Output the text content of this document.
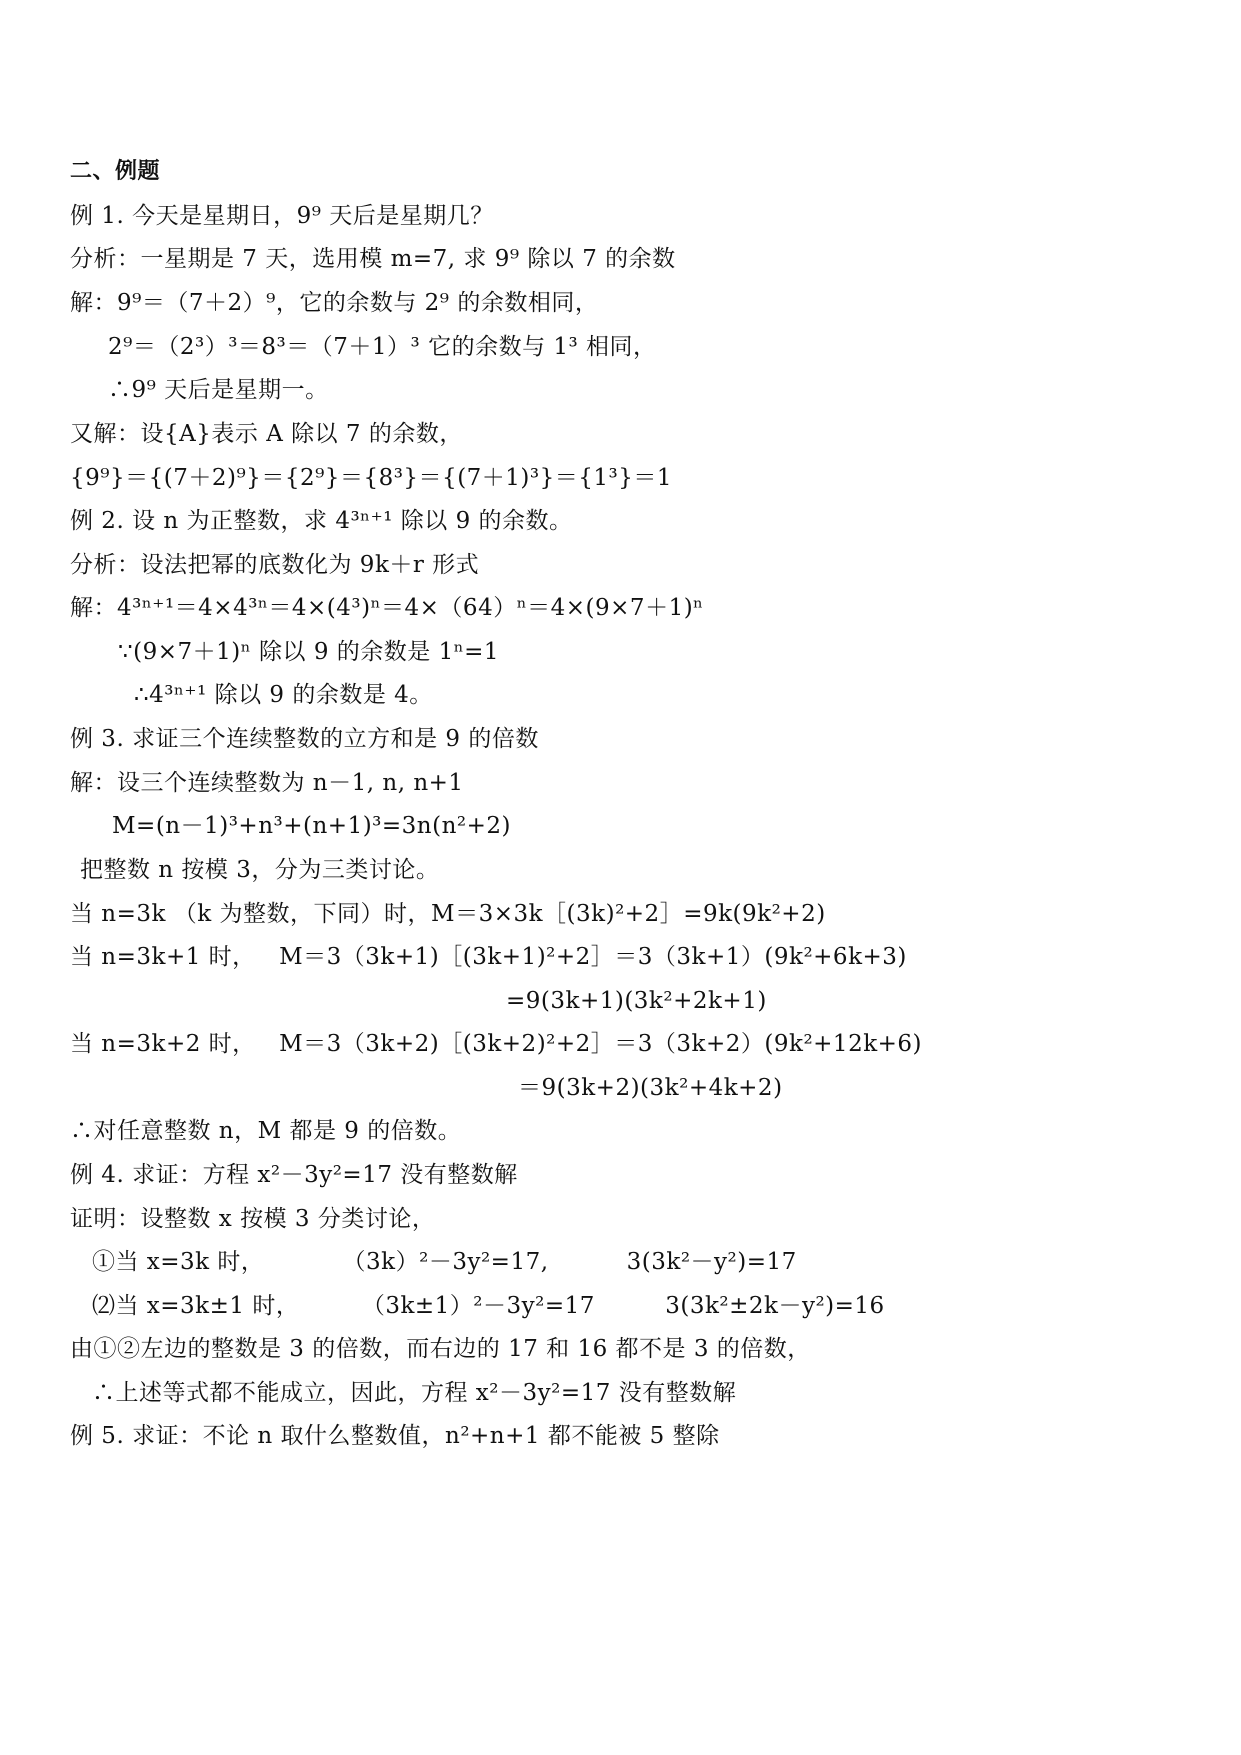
二、例题
例 1. 今天是星期日，9⁹ 天后是星期几？
分析：一星期是 7 天，选用模 m=7, 求 9⁹ 除以 7 的余数
解：9⁹＝（7＋2）⁹，它的余数与 2⁹ 的余数相同，
2⁹＝（2³）³＝8³＝（7＋1）³ 它的余数与 1³ 相同，
∴9⁹ 天后是星期一。
又解：设{A}表示 A 除以 7 的余数，
{9⁹}＝{(7＋2)⁹}＝{2⁹}＝{8³}＝{(7＋1)³}＝{1³}＝1
例 2. 设 n 为正整数，求 4³ⁿ⁺¹ 除以 9 的余数。
分析：设法把幂的底数化为 9k＋r 形式
解：4³ⁿ⁺¹＝4×4³ⁿ＝4×(4³)ⁿ＝4×（64）ⁿ＝4×(9×7＋1)ⁿ
∵(9×7＋1)ⁿ 除以 9 的余数是 1ⁿ=1
∴4³ⁿ⁺¹ 除以 9 的余数是 4。
例 3. 求证三个连续整数的立方和是 9 的倍数
解：设三个连续整数为 n－1, n, n+1
M=(n－1)³+n³+(n+1)³=3n(n²+2)
把整数 n 按模 3，分为三类讨论。
当 n=3k （k 为整数，下同）时，M＝3×3k［(3k)²+2］=9k(9k²+2)
当 n=3k+1 时，   M＝3（3k+1)［(3k+1)²+2］＝3（3k+1）(9k²+6k+3)
=9(3k+1)(3k²+2k+1)
当 n=3k+2 时，   M＝3（3k+2)［(3k+2)²+2］＝3（3k+2）(9k²+12k+6)
＝9(3k+2)(3k²+4k+2)
∴对任意整数 n，M 都是 9 的倍数。
例 4. 求证：方程 x²－3y²=17 没有整数解
证明：设整数 x 按模 3 分类讨论，
①当 x=3k 时，          （3k）²－3y²=17,          3(3k²－y²)=17
⑵当 x=3k±1 时，        （3k±1）²－3y²=17         3(3k²±2k－y²)=16
由①②左边的整数是 3 的倍数，而右边的 17 和 16 都不是 3 的倍数，
∴上述等式都不能成立，因此，方程 x²－3y²=17 没有整数解
例 5. 求证：不论 n 取什么整数值，n²+n+1 都不能被 5 整除
